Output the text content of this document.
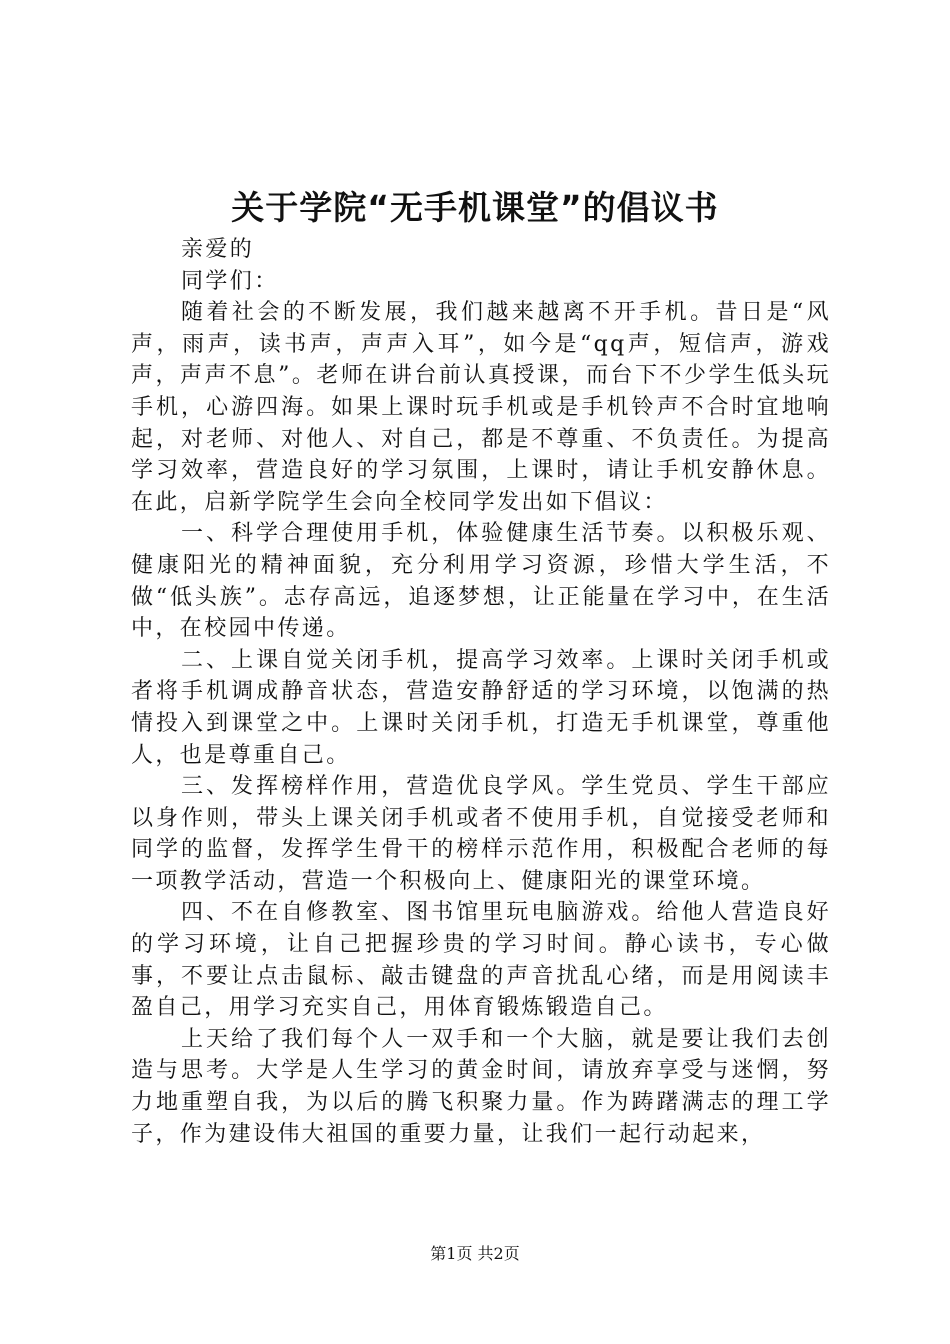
关于学院“无手机课堂”的倡议书

亲爱的

同学们：

随着社会的不断发展，我们越来越离不开手机。昔日是“风声，雨声，读书声，声声入耳”，如今是“qq声，短信声，游戏声，声声不息”。老师在讲台前认真授课，而台下不少学生低头玩手机，心游四海。如果上课时玩手机或是手机铃声不合时宜地响起，对老师、对他人、对自己，都是不尊重、不负责任。为提高学习效率，营造良好的学习氛围，上课时，请让手机安静休息。在此，启新学院学生会向全校同学发出如下倡议：

一、科学合理使用手机，体验健康生活节奏。以积极乐观、健康阳光的精神面貌，充分利用学习资源，珍惜大学生活，不做“低头族”。志存高远，追逐梦想，让正能量在学习中，在生活中，在校园中传递。

二、上课自觉关闭手机，提高学习效率。上课时关闭手机或者将手机调成静音状态，营造安静舒适的学习环境，以饱满的热情投入到课堂之中。上课时关闭手机，打造无手机课堂，尊重他人，也是尊重自己。

三、发挥榜样作用，营造优良学风。学生党员、学生干部应以身作则，带头上课关闭手机或者不使用手机，自觉接受老师和同学的监督，发挥学生骨干的榜样示范作用，积极配合老师的每一项教学活动，营造一个积极向上、健康阳光的课堂环境。

四、不在自修教室、图书馆里玩电脑游戏。给他人营造良好的学习环境，让自己把握珍贵的学习时间。静心读书，专心做事，不要让点击鼠标、敲击键盘的声音扰乱心绪，而是用阅读丰盈自己，用学习充实自己，用体育锻炼锻造自己。

上天给了我们每个人一双手和一个大脑，就是要让我们去创造与思考。大学是人生学习的黄金时间，请放弃享受与迷惘，努力地重塑自我，为以后的腾飞积聚力量。作为踌躇满志的理工学子，作为建设伟大祖国的重要力量，让我们一起行动起来，

第1页 共2页
